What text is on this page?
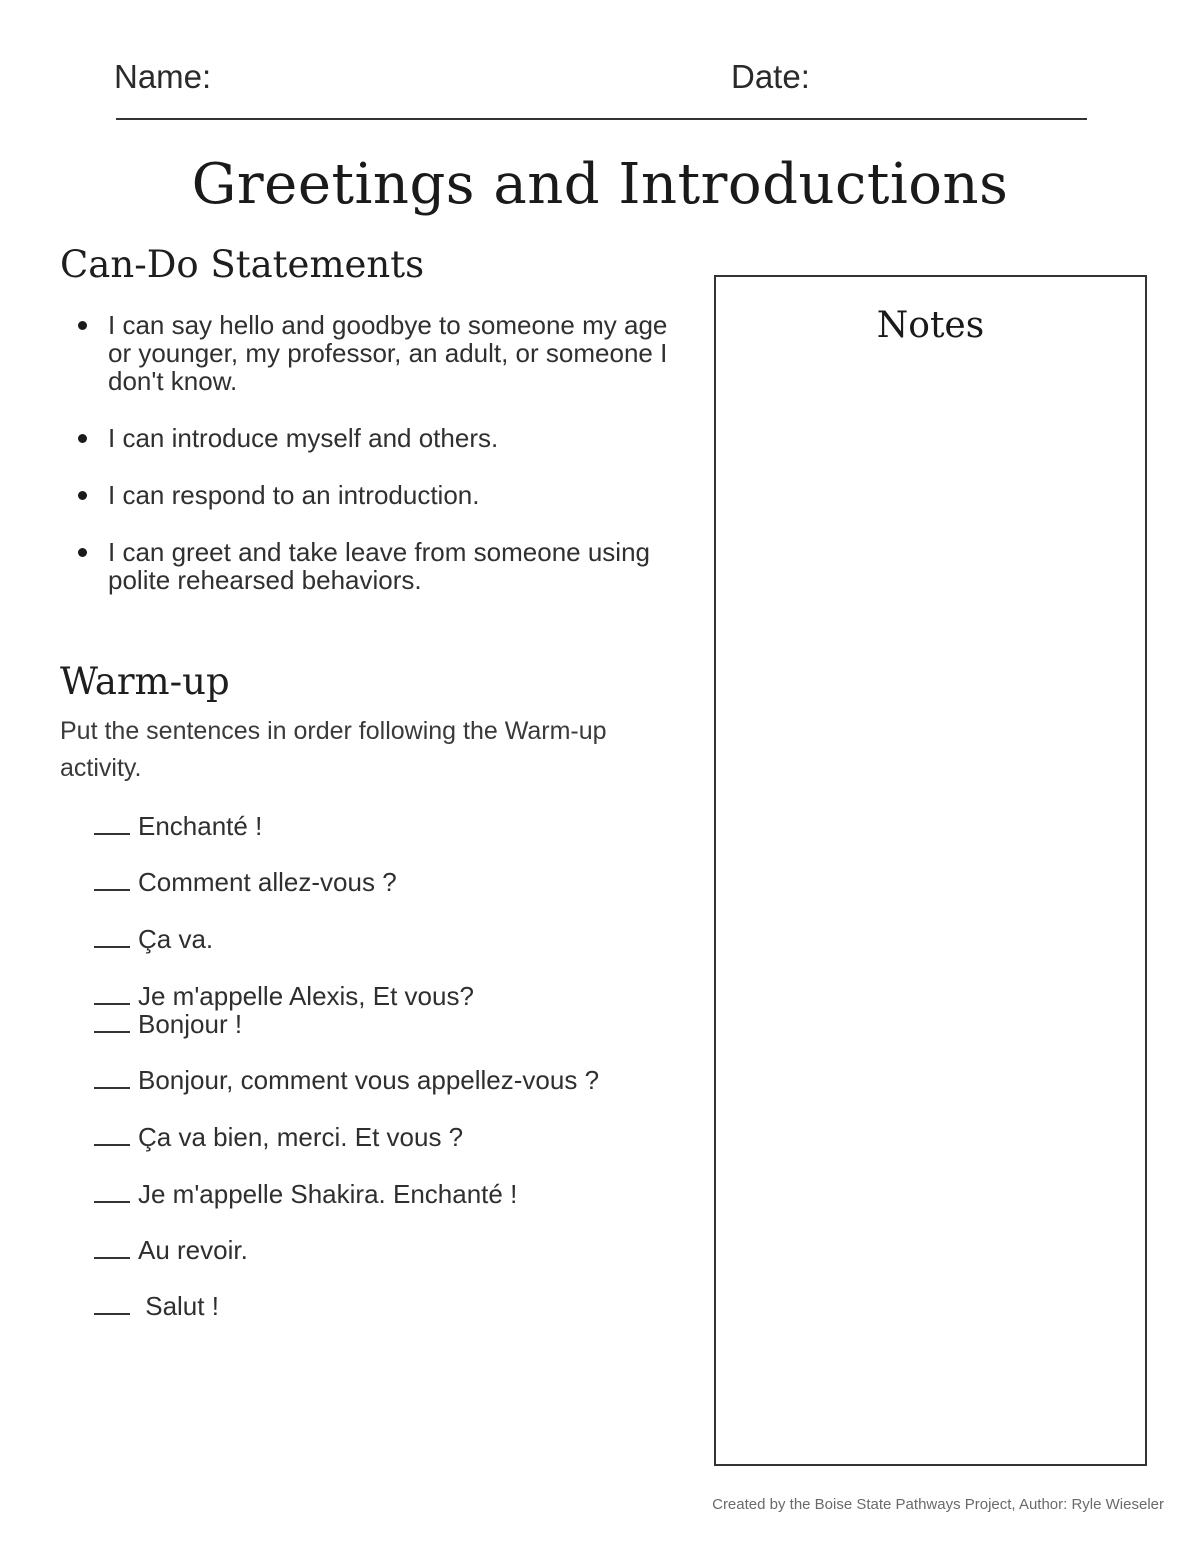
Name:	Date:
Greetings and Introductions
Can-Do Statements
I can say hello and goodbye to someone my age or younger, my professor, an adult, or someone I don't know.
I can introduce myself and others.
I can respond to an introduction.
I can greet and take leave from someone using polite rehearsed behaviors.
Warm-up
Put the sentences in order following the Warm-up activity.
Enchanté !
Comment allez-vous ?
Ça va.
Je m'appelle Alexis, Et vous?
Bonjour !
Bonjour, comment vous appellez-vous ?
Ça va bien, merci. Et vous ?
Je m'appelle Shakira. Enchanté !
Au revoir.
Salut !
Notes
Created by the Boise State Pathways Project, Author: Ryle Wieseler
